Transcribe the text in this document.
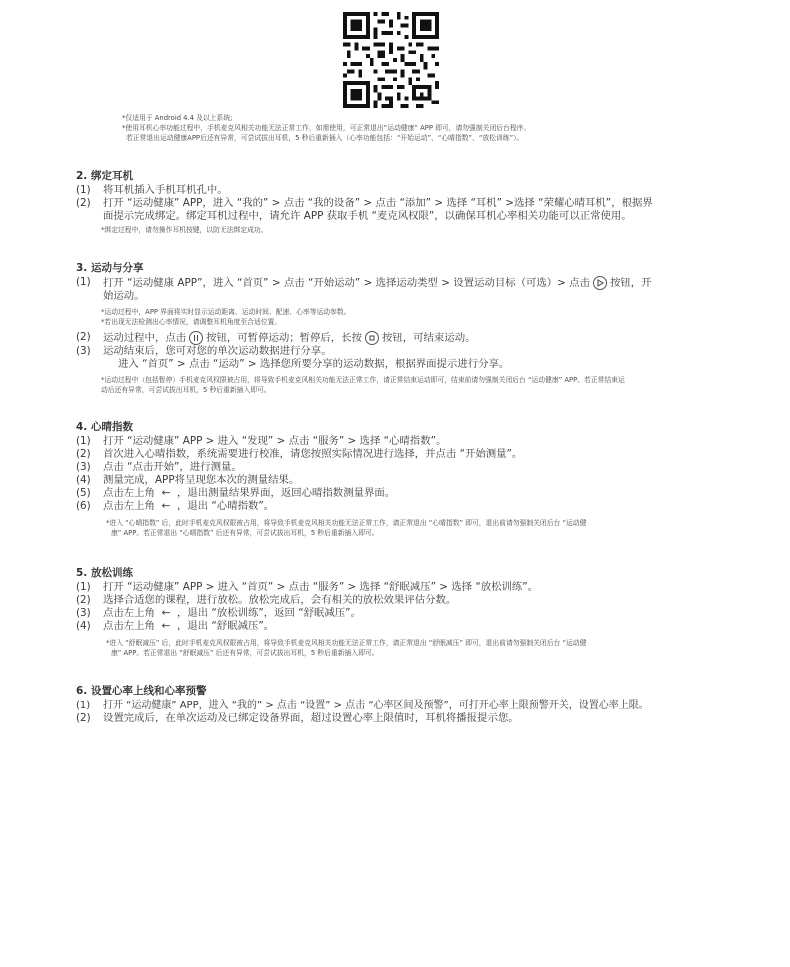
*仅适用于 Android 4.4 及以上系统;
*使用耳机心率功能过程中，手机麦克风相关功能无法正常工作，如需使用，可正常退出“运动健康” APP 即可，请勿强制关闭后台程序。
若正常退出运动健康APP后还有异常，可尝试拔出耳机，5 秒后重新插入（心率功能包括：“开始运动”、“心晴指数”、“放松训练”）。
2. 绑定耳机
(1) 将耳机插入手机耳机孔中。
(2) 打开 “运动健康” APP，进入 “我的” > 点击 “我的设备” > 点击 “添加” > 选择 “耳机” >选择 “荣耀心晴耳机”，根据界
面提示完成绑定。绑定耳机过程中，请允许 APP 获取手机 “麦克风权限”，以确保耳机心率相关功能可以正常使用。
*绑定过程中，请勿操作耳机按键，以防无法绑定成功。
3. 运动与分享
(1) 打开 “运动健康 APP”，进入 “首页” > 点击 “开始运动” > 选择运动类型 > 设置运动目标（可选）> 点击 按钮，开
始运动。
*运动过程中，APP 界面将实时显示运动距离、运动时间、配速、心率等运动参数。
*若出现无法检测出心率情况，请调整耳机角度至合适位置。
(2) 运动过程中，点击 按钮，可暂停运动；暂停后，长按 按钮，可结束运动。
(3) 运动结束后，您可对您的单次运动数据进行分享。
进入 “首页” > 点击 “运动” > 选择您所要分享的运动数据，根据界面提示进行分享。
*运动过程中（包括暂停）手机麦克风权限被占用，将导致手机麦克风相关功能无法正常工作，请正常结束运动即可，结束前请勿强制关闭后台 “运动健康” APP。若正常结束运
动后还有异常，可尝试拔出耳机，5 秒后重新插入即可。
4. 心晴指数
(1) 打开 “运动健康” APP > 进入 “发现” > 点击 “服务” > 选择 “心晴指数”。
(2) 首次进入心晴指数，系统需要进行校准，请您按照实际情况进行选择，并点击 “开始测量”。
(3) 点击 “点击开始”，进行测量。
(4) 测量完成，APP将呈现您本次的测量结果。
(5) 点击左上角 ← ，退出测量结果界面，返回心晴指数测量界面。
(6) 点击左上角 ← ，退出 “心晴指数”。
*进入 “心晴指数” 后，此时手机麦克风权限被占用，将导致手机麦克风相关功能无法正常工作，请正常退出 “心晴指数” 即可，退出前请勿强制关闭后台 “运动健
康” APP。若正常退出 “心晴指数” 后还有异常，可尝试拔出耳机，5 秒后重新插入即可。
5. 放松训练
(1) 打开 “运动健康” APP > 进入 “首页” > 点击 “服务” > 选择 “舒眠减压” > 选择 “放松训练”。
(2) 选择合适您的课程，进行放松。放松完成后，会有相关的放松效果评估分数。
(3) 点击左上角 ← ，退出 “放松训练”，返回 “舒眠减压”。
(4) 点击左上角 ← ，退出 “舒眠减压”。
*进入 “舒眠减压” 后，此时手机麦克风权限被占用，将导致手机麦克风相关功能无法正常工作，请正常退出 “舒眠减压” 即可，退出前请勿强制关闭后台 “运动健
康” APP。若正常退出 “舒眠减压” 后还有异常，可尝试拔出耳机，5 秒后重新插入即可。
6. 设置心率上线和心率预警
(1) 打开 “运动健康” APP，进入 “我的” > 点击 “设置” > 点击 “心率区间及预警”，可打开心率上限预警开关，设置心率上限。
(2) 设置完成后，在单次运动及已绑定设备界面，超过设置心率上限值时，耳机将播报提示您。
